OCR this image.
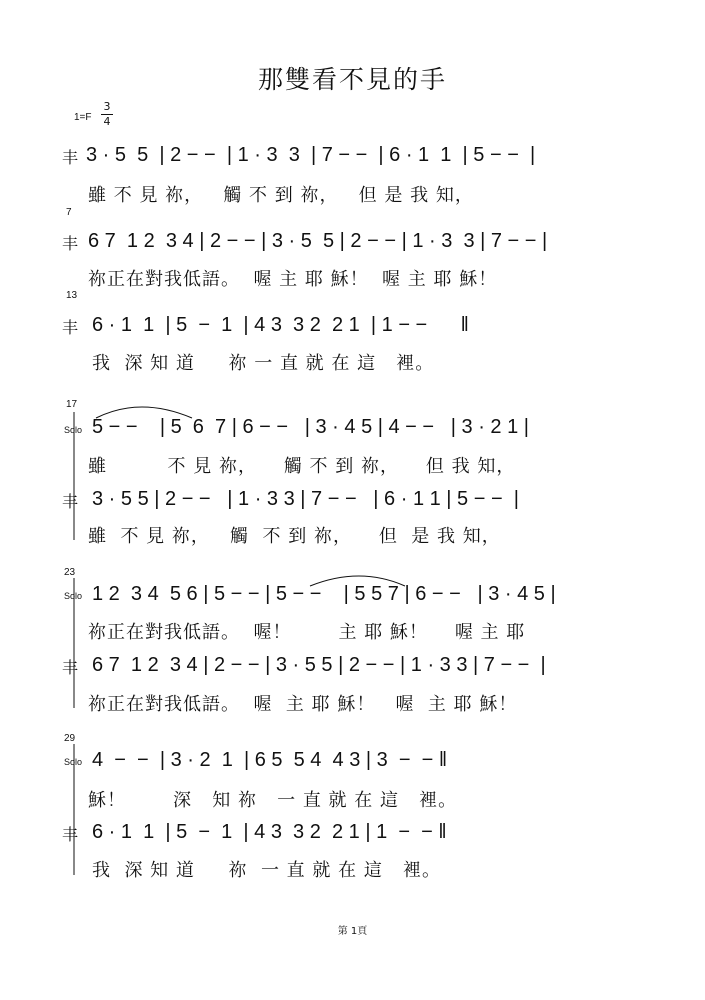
那雙看不見的手
1=F
3
4
丰 3 · 5  5  | 2 − −  | 1 · 3  3  | 7 − −  | 6 · 1  1  | 5 − −  |
雖 不 見 祢，   觸 不 到 祢，   但 是 我 知，
7
丰 6 7  1 2  3 4 | 2 − − | 3 · 5  5 | 2 − − | 1 · 3  3 | 7 − − |
祢正在對我低語。  喔 主 耶 穌！  喔 主 耶 穌！
13
丰 6 · 1  1  | 5  −  1  | 4 3  3 2  2 1  | 1 − −      ‖
我  深 知 道     祢 一 直 就 在 這   裡。
17
Solo 5 − −    | 5  6  7 | 6 − −   | 3 · 4 5 | 4 − −   | 3 · 2 1 |
雖         不 見 祢，    觸 不 到 祢，    但 我 知，
丰 3 · 5 5 | 2 − −   | 1 · 3 3 | 7 − −   | 6 · 1 1 | 5 − −  |
雖  不 見 祢，   觸  不 到 祢，    但  是 我 知，
23
Solo 1 2  3 4  5 6 | 5 − − | 5 − −    | 5 5 7 | 6 − −   | 3 · 4 5 |
祢正在對我低語。  喔！       主 耶 穌！    喔 主 耶
丰 6 7  1 2  3 4 | 2 − − | 3 · 5 5 | 2 − − | 1 · 3 3 | 7 − −  |
祢正在對我低語。  喔  主 耶 穌！   喔  主 耶 穌！
29
Solo 4  −  −  | 3 · 2  1  | 6 5  5 4  4 3 | 3  −  − ‖
穌！       深   知 祢   一 直 就 在 這   裡。
丰 6 · 1  1  | 5  −  1  | 4 3  3 2  2 1 | 1  −  − ‖
我  深 知 道     祢  一 直 就 在 這   裡。
第 1頁
